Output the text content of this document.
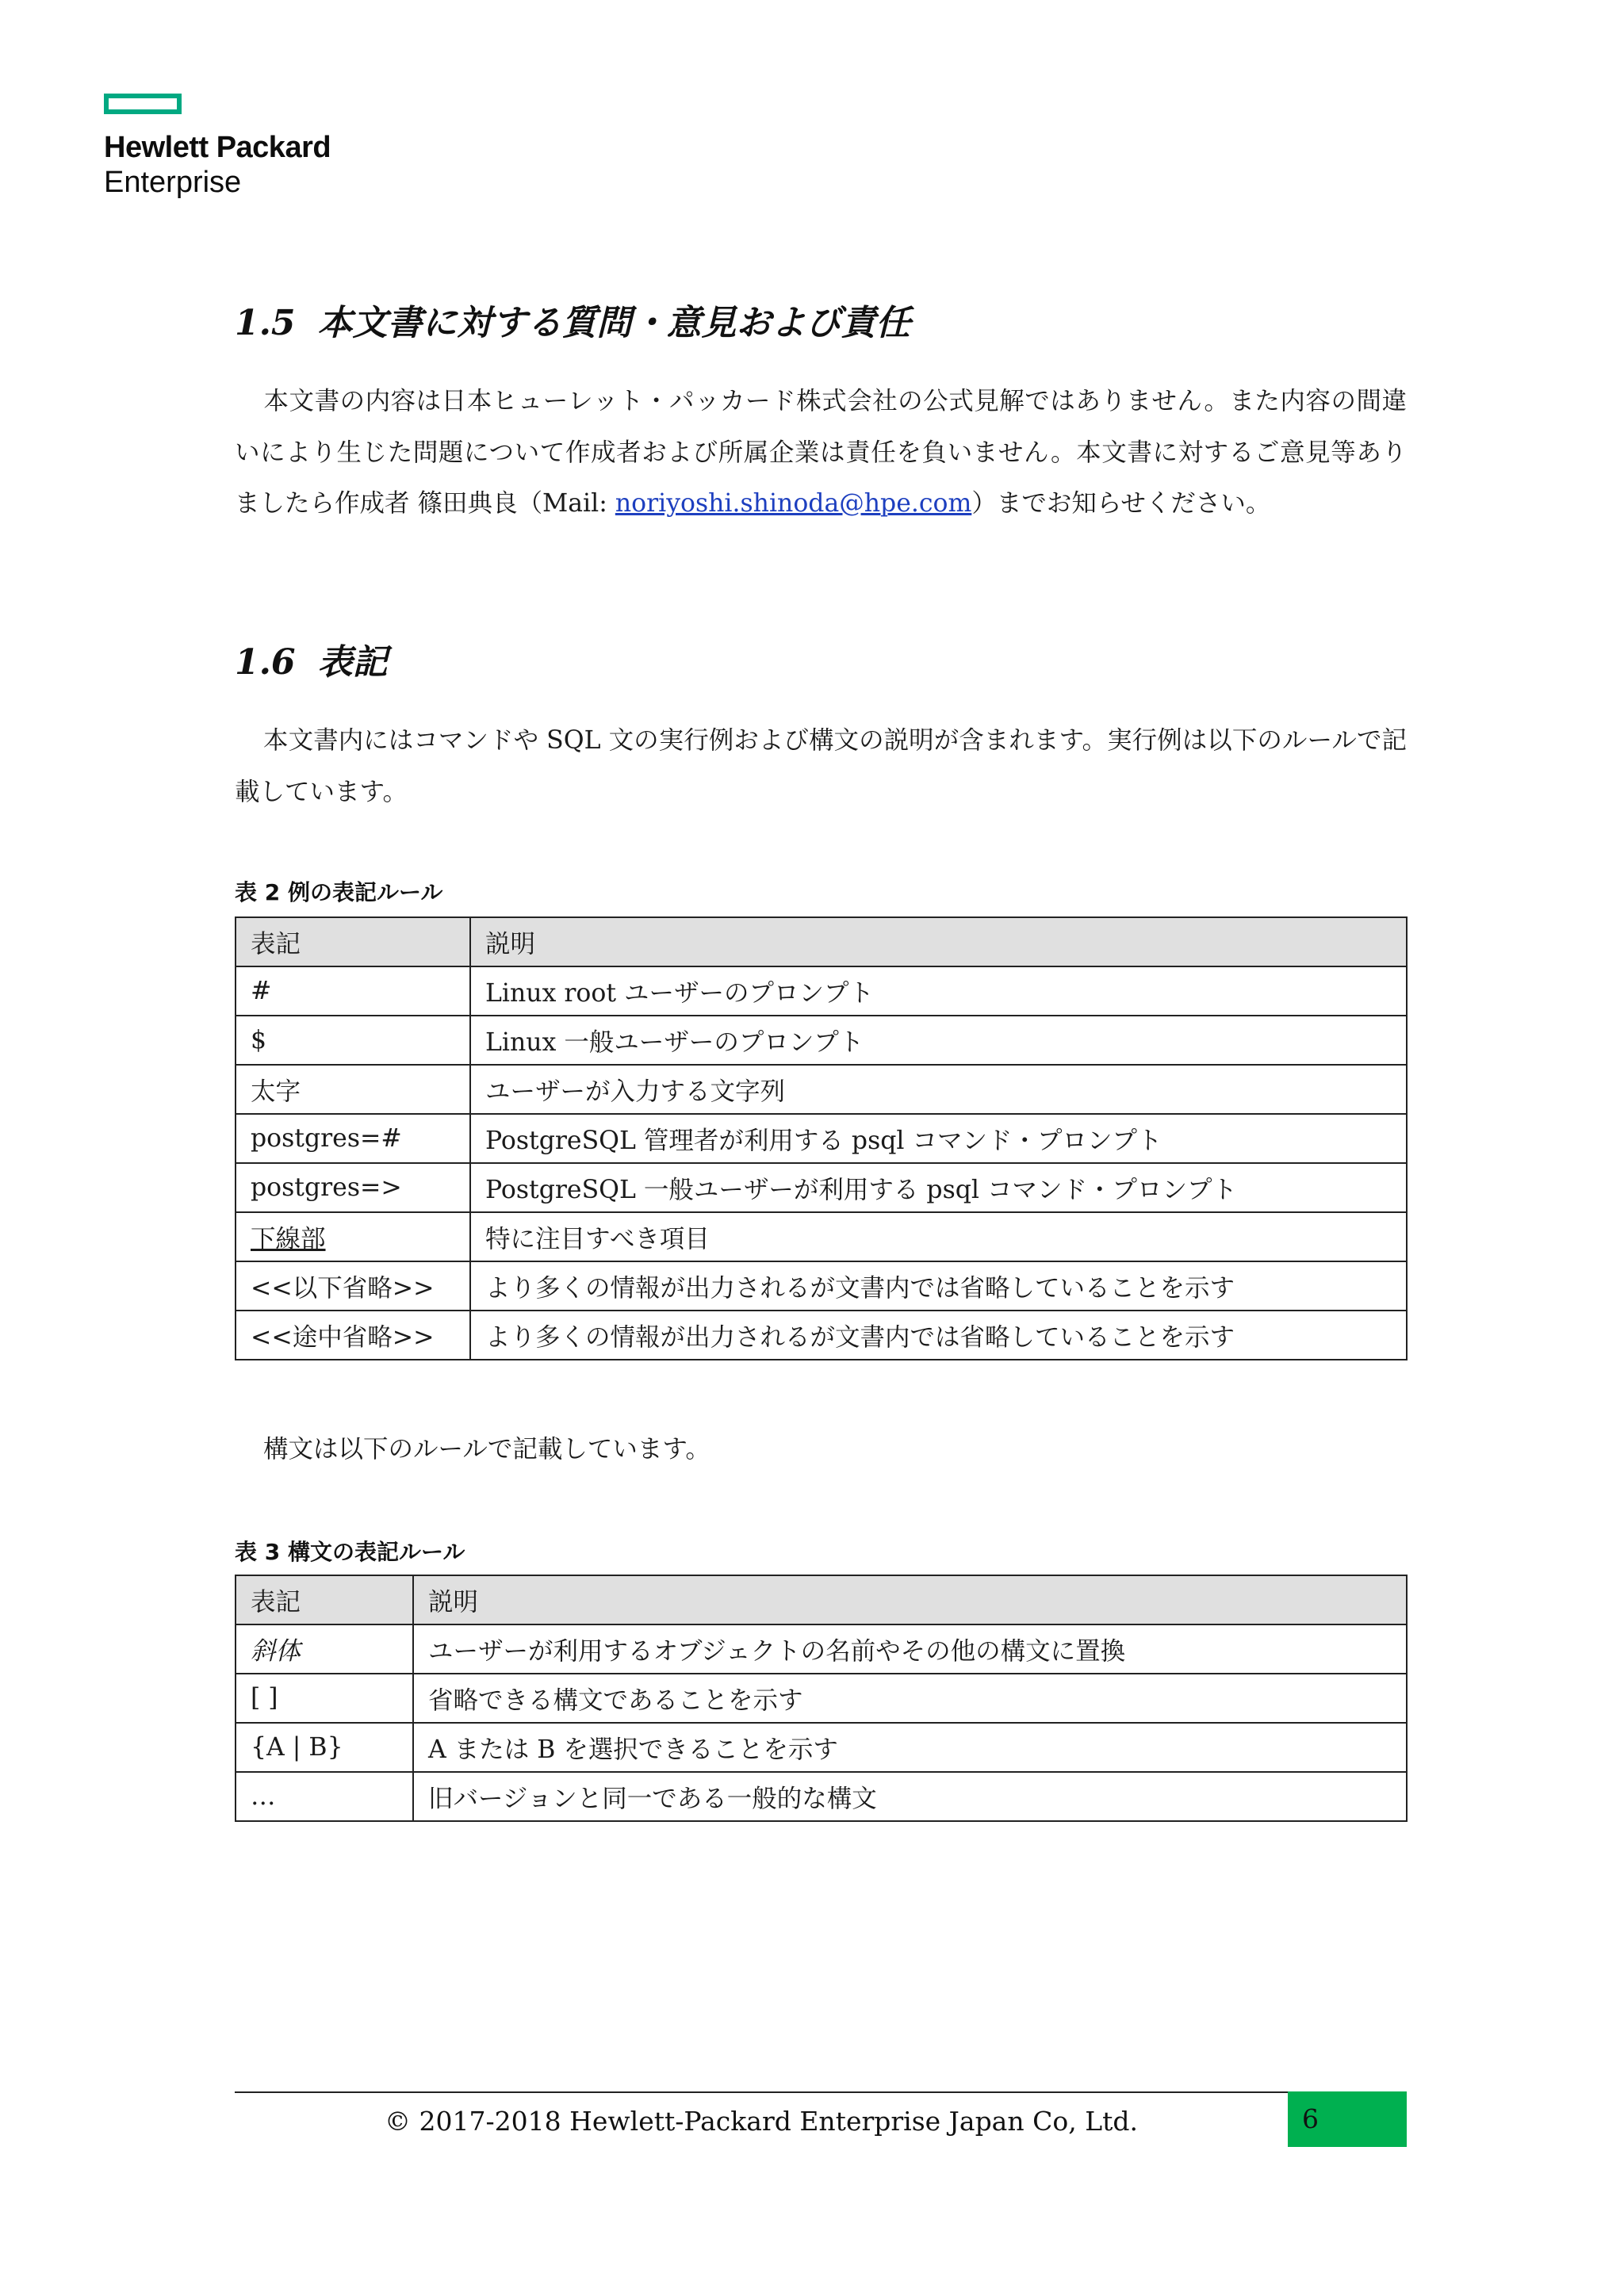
Hewlett Packard
Enterprise
1.5 本文書に対する質問・意見および責任

本文書の内容は日本ヒューレット・パッカード株式会社の公式見解ではありません。また内容の間違いにより生じた問題について作成者および所属企業は責任を負いません。本文書に対するご意見等ありましたら作成者 篠田典良（Mail: noriyoshi.shinoda@hpe.com）までお知らせください。

1.6 表記

本文書内にはコマンドや SQL 文の実行例および構文の説明が含まれます。実行例は以下のルールで記載しています。

表 2 例の表記ルール

表記	説明
#	Linux root ユーザーのプロンプト
$	Linux 一般ユーザーのプロンプト
太字	ユーザーが入力する文字列
postgres=#	PostgreSQL 管理者が利用する psql コマンド・プロンプト
postgres=>	PostgreSQL 一般ユーザーが利用する psql コマンド・プロンプト
下線部	特に注目すべき項目
<<以下省略>>	より多くの情報が出力されるが文書内では省略していることを示す
<<途中省略>>	より多くの情報が出力されるが文書内では省略していることを示す

構文は以下のルールで記載しています。

表 3 構文の表記ルール

表記	説明
斜体	ユーザーが利用するオブジェクトの名前やその他の構文に置換
[ ]	省略できる構文であることを示す
{A | B}	A または B を選択できることを示す
…	旧バージョンと同一である一般的な構文
© 2017-2018 Hewlett-Packard Enterprise Japan Co, Ltd.	6
